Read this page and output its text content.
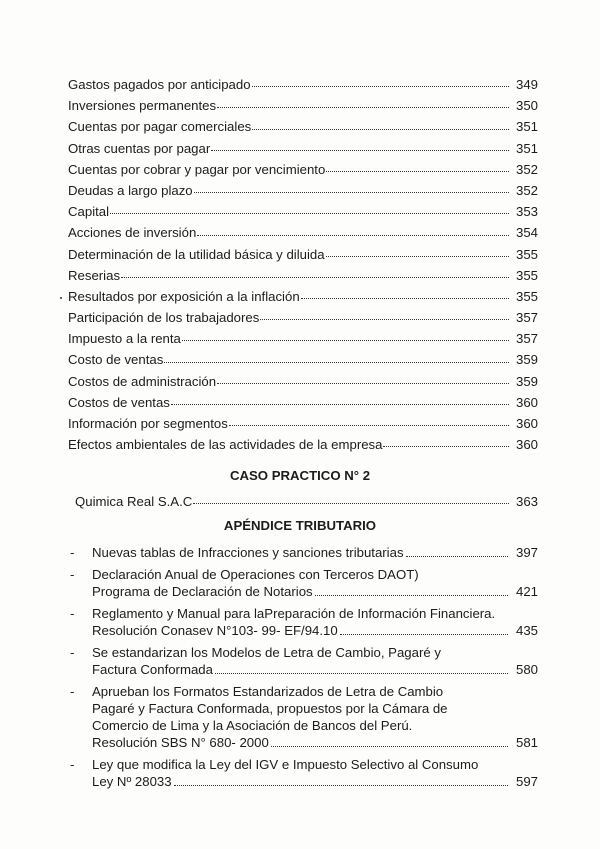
Gastos pagados por anticipado	349
Inversiones permanentes	350
Cuentas por pagar comerciales	351
Otras cuentas por pagar	351
Cuentas por cobrar y pagar por vencimiento	352
Deudas a largo plazo	352
Capital	353
Acciones de inversión	354
Determinación de la utilidad básica y diluida	355
Reserias	355
Resultados por exposición a la inflación	355
Participación de los trabajadores	357
Impuesto a la renta	357
Costo de ventas	359
Costos de administración	359
Costos de ventas	360
Información por segmentos	360
Efectos ambientales de las actividades de la empresa	360
CASO PRACTICO N° 2
Quimica Real S.A.C	363
APÉNDICE TRIBUTARIO
-	Nuevas tablas de Infracciones y sanciones tributarias	397
-	Declaración Anual de Operaciones con Terceros DAOT)
Programa de Declaración de Notarios	421
-	Reglamento y Manual para laPreparación de Información Financiera.
Resolución Conasev N°103- 99- EF/94.10	435
-	Se estandarizan los Modelos de Letra de Cambio, Pagaré y
Factura Conformada	580
-	Aprueban los Formatos Estandarizados de Letra de Cambio
Pagaré y Factura Conformada, propuestos por la Cámara de
Comercio de Lima y la Asociación de Bancos del Perú.
Resolución SBS N° 680- 2000	581
-	Ley que modifica la Ley del IGV e Impuesto Selectivo al Consumo
Ley Nº 28033	597
